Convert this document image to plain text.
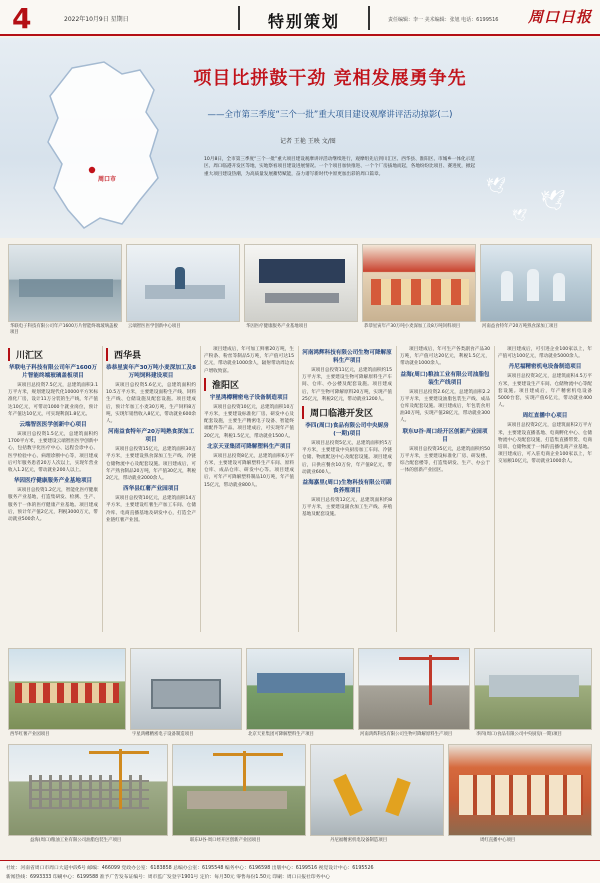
4	2022年10月9日 星期日	特别策划	责任编辑：李一 美术编辑：张旭 电话：6199516 周口日报
周口市
项目比拼鼓干劲 竞相发展勇争先
——全市第三季度“三个一批”重大项目建设观摩讲评活动掠影(二)
记者 王艳 王映 文/图
10月8日，全市第三季度“三个一批”重大项目建设观摩讲评活动继续进行，观摩组先后到川汇区、西华县、淮阳区、市城乡一体化示范区、周口临港开发区等地，实地察看项目建设进展情况。一个个项目加快推进、一个个厂房拔地而起，各地纷纷比项目、赛进度，掀起重大项目建设热潮，为高质量发展蓄势赋能，奋力谱写新时代中原更加出彩的周口篇章。
🕊
🕊
🕊
华联电子科技有限公司年产1600万片智能终端玻璃盖板项目
云端智医医学创新中心项目	华因医疗健康服务产业基地项目	恭恭星寅年产30万吨小麦深加工及8万吨饲料项目	河南益食特年产20万吨熟食深加工项目
川汇区
华联电子科技有限公司年产1600万片智能终端玻璃盖板项目
该项目总投资7.5亿元，总建筑面积3.1万平方米，规划建设现代化10000平方米标准化厂房，设计11万分装的生产线，年产值达10亿元，可带动1000个就业岗位，预计年产值达10亿元，可实现利润1.8亿元。
云端智医医学创新中心项目
该项目总投资1.5亿元，总建筑面积约1700平方米，主要建设云端智医医学创新中心，包括数字化医疗中心、远程会诊中心、医学检验中心、病理诊断中心等，项目建成后可年服务患者20万人次以上，实现年营业收入1.2亿元，带动就业200人以上。
华因医疗健康服务产业基地项目
该项目总投资1.2亿元，智能化医疗健康服务产业基地，打造集研发、检测、生产、服务于一体的医疗健康产业基地。项目建成后，预计年产值2亿元，利税3000万元，带动就业500余人。
西华县
恭恭星寅年产30万吨小麦深加工及8万吨饲料建设项目
该项目总投资5.6亿元，总建筑面积约10.5万平方米，主要建设面粉生产线、饲料生产线、仓储设施及配套设施。项目建成后，预计年加工小麦30万吨，生产饲料8万吨，实现年销售收入8亿元，带动就业600余人。
河南益食特年产20万吨熟食深加工项目
该项目总投资15亿元，总建筑面积30万平方米，主要建设熟食深加工生产线、冷链仓储物流中心及配套设施。项目建成后，可年产熟食制品20万吨，年产值30亿元，利税2亿元，带动就业2000余人。
西华县红薯产业园项目
该项目总投资10亿元，总建筑面积14万平方米，主要建设红薯生产加工车间、仓储冷库、电商直播基地及研发中心，打造全产业链红薯产业园。
项目建成后，年可加工鲜薯20万吨，生产粉条、粉丝等制品5万吨，年产值可达15亿元，带动就业1000余人，辐射带动周边农户增收致富。
淮阳区
宇星鸿樽精密电子设备制造项目
该项目总投资10亿元，总建筑面积10万平方米，主要建设标准化厂房、研发中心及配套设施，主要生产精密电子设备、智能终端配件等产品。项目建成后，可实现年产值20亿元，利税1.5亿元，带动就业1500人。
北京天亚集团可降解塑料生产项目
该项目总投资8亿元，总建筑面积6万平方米，主要建设可降解塑料生产车间、原料仓库、成品仓库、研发中心等。项目建成后，可年产可降解塑料制品10万吨，年产值15亿元，带动就业800人。
河南鸿辉科技有限公司生物可降解原料生产项目
该项目总投资11亿元，总建筑面积约15万平方米，主要建设生物可降解原料生产车间、仓库、办公楼及配套设施。项目建成后，年产生物可降解原料20万吨，实现产值25亿元，利税2亿元，带动就业1200人。
周口临港开发区
李四(周口)食品有限公司中央厨房(一期)项目
该项目总投资5亿元，总建筑面积约5万平方米，主要建设中央厨房加工车间、冷链仓储、物流配送中心及配套设施。项目建成后，日供应餐食10万份，年产值8亿元，带动就业600人。
益海嘉里(周口)生物科技有限公司副食养殖项目
该项目总投资12亿元，总建筑面积约8万平方米，主要建设副食加工生产线、养殖基地及配套设施。
项目建成后，年可生产各类副食产品30万吨，年产值可达20亿元，利税1.5亿元，带动就业1000余人。
益海(周口)粮油工业有限公司油脂包装生产线项目
该项目总投资2.6亿元，总建筑面积2.2万平方米，主要建设油脂包装生产线、成品仓库及配套设施。项目建成后，年包装食用油30万吨，实现产值28亿元，带动就业300人。
联东U谷·周口经开区创新产业园项目
该项目总投资35亿元，总建筑面积约50万平方米，主要建设标准化厂房、研发楼、综合配套楼等，打造集研发、生产、办公于一体的创新产业园区。
项目建成后，可引进企业100家以上，年产值可达100亿元，带动就业5000余人。
丹尼福精密机电设备制造项目
该项目总投资3亿元，总建筑面积4.5万平方米，主要建设生产车间、仓储物流中心等配套设施。项目建成后，年产精密机电设备5000台套，实现产值6亿元，带动就业400人。
周红直播中心项目
该项目总投资2亿元，总建筑面积2万平方米，主要建设直播基地、电商孵化中心、仓储物流中心及配套设施，打造集直播带货、电商培训、仓储物流于一体的直播电商产业基地。项目建成后，可入驻电商企业100家以上，年交易额10亿元，带动就业1000余人。
西华红薯产业园项目	宇星鸿樽精密电子设备制造项目	北京天亚集团可降解塑料生产项目	河南鸿辉科技有限公司生物可降解原料生产项目	李四(周口)食品有限公司中央厨房(一期)项目
益海(周口)粮油工业有限公司油脂包装生产项目	联东U谷·周口经开区创新产业园项目	丹尼福精密机电设备制造项目	周红直播中心项目
社址：河南省周口市周口大道中段6号 邮编：466099 党政办公室：6183858 总编办公室：6195548 编务中心：6196598 出版中心：6199516 视觉设计中心：6195526
新闻热线：6993333 印刷中心：6199588 准予广告发布证编号：周市监广发登字1901号 定价：每月30元 零售每份1.50元 印刷：周口日报社印务中心
